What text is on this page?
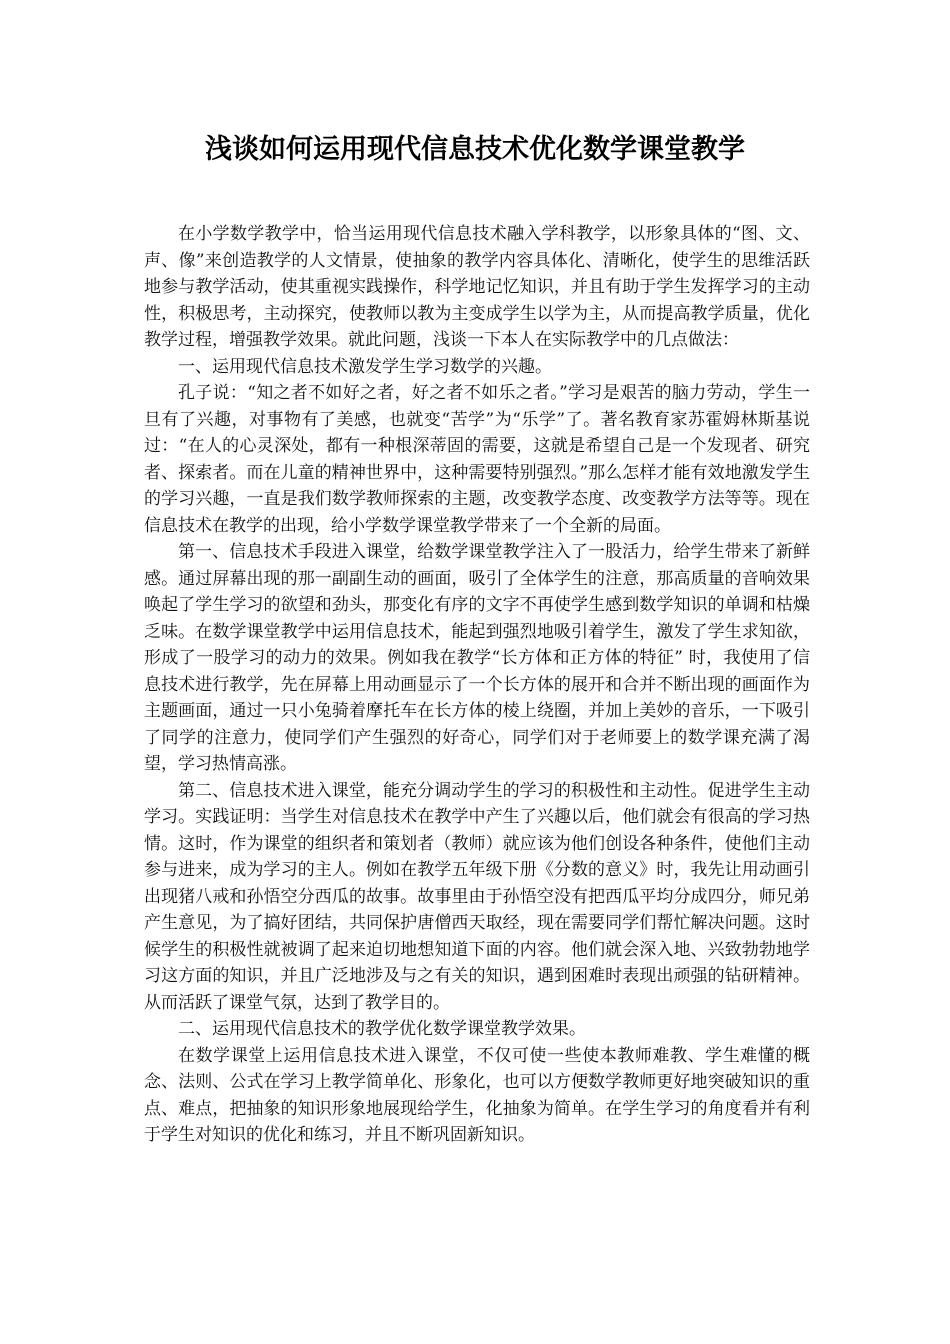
浅谈如何运用现代信息技术优化数学课堂教学

在小学数学教学中，恰当运用现代信息技术融入学科教学，以形象具体的“图、文、声、像”来创造教学的人文情景，使抽象的教学内容具体化、清晰化，使学生的思维活跃地参与教学活动，使其重视实践操作，科学地记忆知识，并且有助于学生发挥学习的主动性，积极思考，主动探究，使教师以教为主变成学生以学为主，从而提高教学质量，优化教学过程，增强教学效果。就此问题，浅谈一下本人在实际教学中的几点做法：

一、运用现代信息技术激发学生学习数学的兴趣。

孔子说：“知之者不如好之者，好之者不如乐之者。”学习是艰苦的脑力劳动，学生一旦有了兴趣，对事物有了美感，也就变“苦学”为“乐学”了。著名教育家苏霍姆林斯基说过：“在人的心灵深处，都有一种根深蒂固的需要，这就是希望自己是一个发现者、研究者、探索者。而在儿童的精神世界中，这种需要特别强烈。”那么怎样才能有效地激发学生的学习兴趣，一直是我们数学教师探索的主题，改变教学态度、改变教学方法等等。现在信息技术在教学的出现，给小学数学课堂教学带来了一个全新的局面。

第一、信息技术手段进入课堂，给数学课堂教学注入了一股活力，给学生带来了新鲜感。通过屏幕出现的那一副副生动的画面，吸引了全体学生的注意，那高质量的音响效果唤起了学生学习的欲望和劲头，那变化有序的文字不再使学生感到数学知识的单调和枯燥乏味。在数学课堂教学中运用信息技术，能起到强烈地吸引着学生，激发了学生求知欲，形成了一股学习的动力的效果。例如我在教学“长方体和正方体的特征” 时，我使用了信息技术进行教学，先在屏幕上用动画显示了一个长方体的展开和合并不断出现的画面作为主题画面，通过一只小兔骑着摩托车在长方体的棱上绕圈，并加上美妙的音乐，一下吸引了同学的注意力，使同学们产生强烈的好奇心，同学们对于老师要上的数学课充满了渴望，学习热情高涨。

第二、信息技术进入课堂，能充分调动学生的学习的积极性和主动性。促进学生主动学习。实践证明：当学生对信息技术在教学中产生了兴趣以后，他们就会有很高的学习热情。这时，作为课堂的组织者和策划者（教师）就应该为他们创设各种条件，使他们主动参与进来，成为学习的主人。例如在教学五年级下册《分数的意义》时，我先让用动画引出现猪八戒和孙悟空分西瓜的故事。故事里由于孙悟空没有把西瓜平均分成四分，师兄弟产生意见，为了搞好团结，共同保护唐僧西天取经，现在需要同学们帮忙解决问题。这时候学生的积极性就被调了起来迫切地想知道下面的内容。他们就会深入地、兴致勃勃地学习这方面的知识，并且广泛地涉及与之有关的知识，遇到困难时表现出顽强的钻研精神。从而活跃了课堂气氛，达到了教学目的。

二、运用现代信息技术的教学优化数学课堂教学效果。

在数学课堂上运用信息技术进入课堂，不仅可使一些使本教师难教、学生难懂的概念、法则、公式在学习上教学简单化、形象化，也可以方便数学教师更好地突破知识的重点、难点，把抽象的知识形象地展现给学生，化抽象为简单。在学生学习的角度看并有利于学生对知识的优化和练习，并且不断巩固新知识。
